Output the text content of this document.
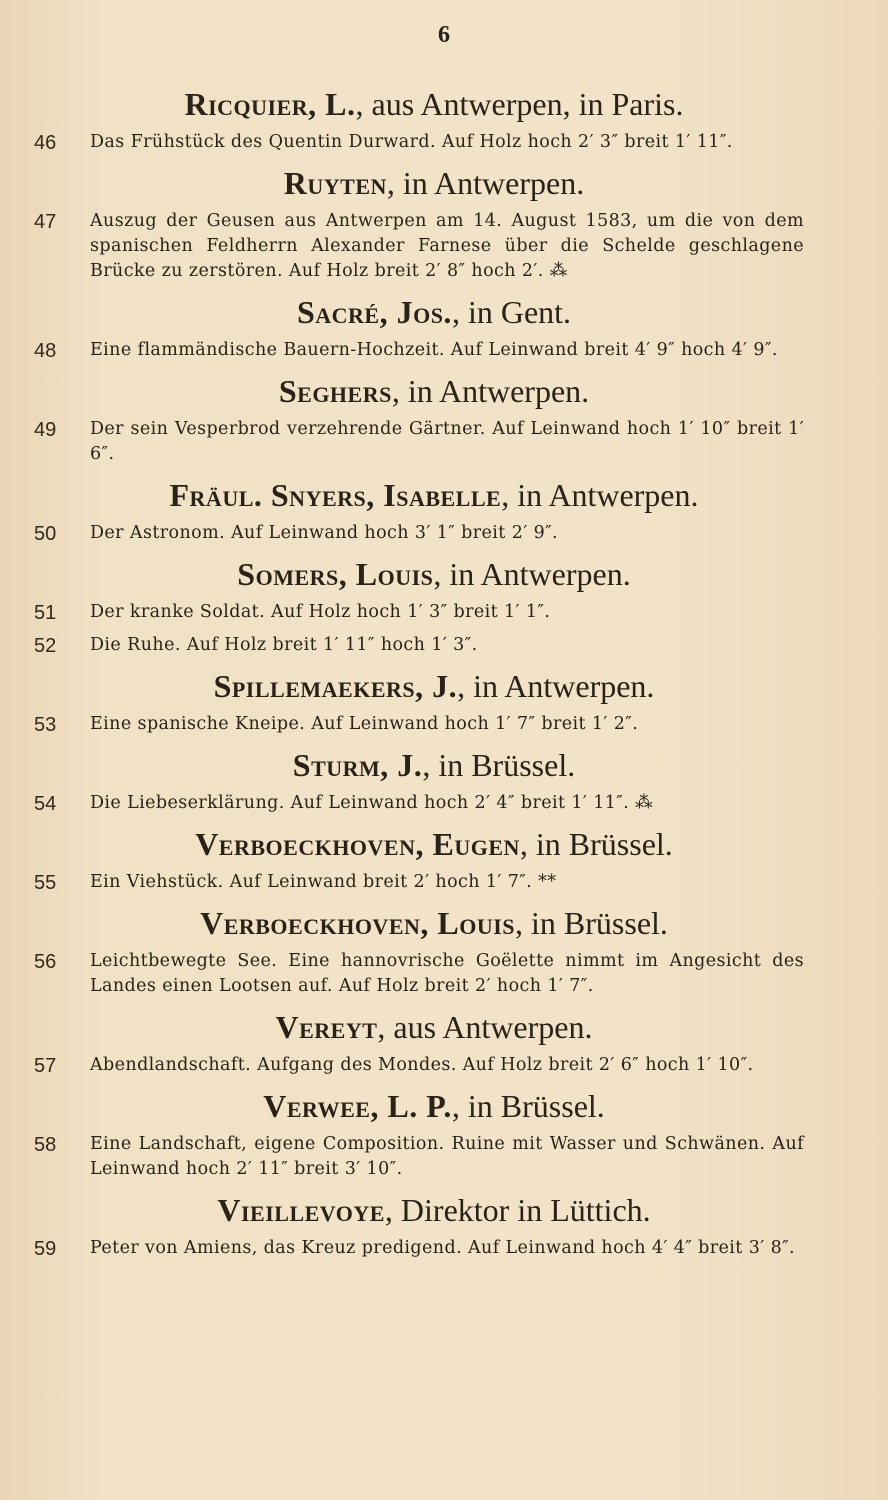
6
Ricquier, L., aus Antwerpen, in Paris.
46 Das Frühstück des Quentin Durward. Auf Holz hoch 2′ 3″ breit 1′ 11″.
Ruyten, in Antwerpen.
47 Auszug der Geusen aus Antwerpen am 14. August 1583, um die von dem spanischen Feldherrn Alexander Farnese über die Schelde geschlagene Brücke zu zerstören. Auf Holz breit 2′ 8″ hoch 2′. ⁂
Sacré, Jos., in Gent.
48 Eine flammändische Bauern-Hochzeit. Auf Leinwand breit 4′ 9″ hoch 4′ 9″.
Seghers, in Antwerpen.
49 Der sein Vesperbrod verzehrende Gärtner. Auf Leinwand hoch 1′ 10″ breit 1′ 6″.
Fräul. Snyers, Isabelle, in Antwerpen.
50 Der Astronom. Auf Leinwand hoch 3′ 1″ breit 2′ 9″.
Somers, Louis, in Antwerpen.
51 Der kranke Soldat. Auf Holz hoch 1′ 3″ breit 1′ 1″.
52 Die Ruhe. Auf Holz breit 1′ 11″ hoch 1′ 3″.
Spillemaekers, J., in Antwerpen.
53 Eine spanische Kneipe. Auf Leinwand hoch 1′ 7″ breit 1′ 2″.
Sturm, J., in Brüssel.
54 Die Liebeserklärung. Auf Leinwand hoch 2′ 4″ breit 1′ 11″. ⁂
Verboeckhoven, Eugen, in Brüssel.
55 Ein Viehstück. Auf Leinwand breit 2′ hoch 1′ 7″. **
Verboeckhoven, Louis, in Brüssel.
56 Leichtbewegte See. Eine hannovrische Goëlette nimmt im Angesicht des Landes einen Lootsen auf. Auf Holz breit 2′ hoch 1′ 7″.
Vereyt, aus Antwerpen.
57 Abendlandschaft. Aufgang des Mondes. Auf Holz breit 2′ 6″ hoch 1′ 10″.
Verwee, L. P., in Brüssel.
58 Eine Landschaft, eigene Composition. Ruine mit Wasser und Schwänen. Auf Leinwand hoch 2′ 11″ breit 3′ 10″.
Vieillevoye, Direktor in Lüttich.
59 Peter von Amiens, das Kreuz predigend. Auf Leinwand hoch 4′ 4″ breit 3′ 8″.
